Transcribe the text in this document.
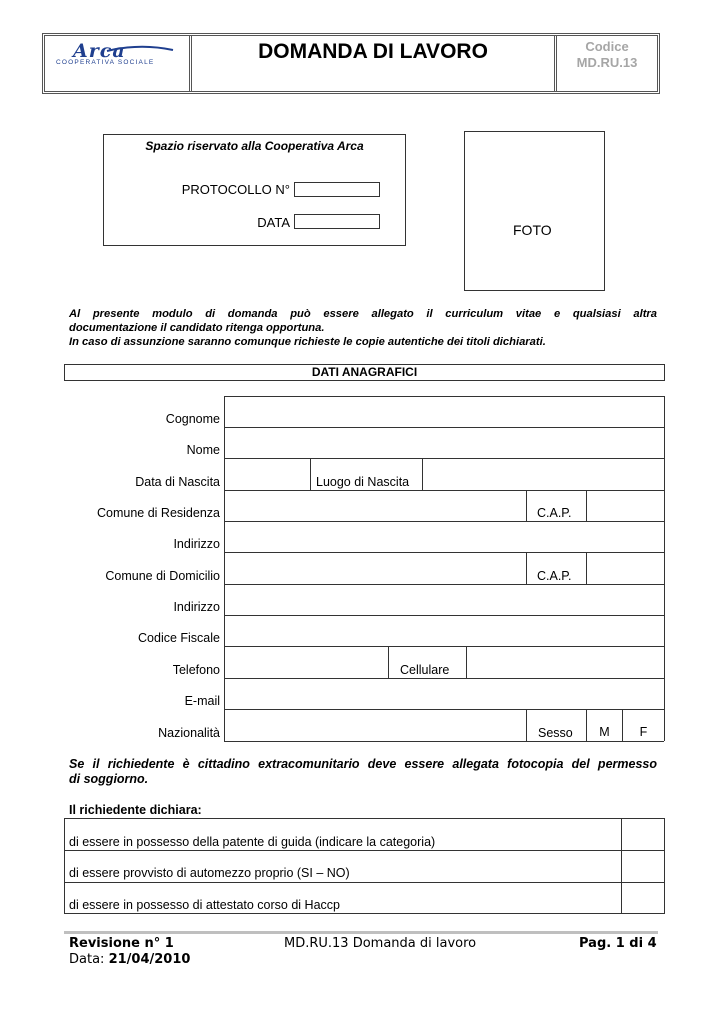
Arca
COOPERATIVA SOCIALE	DOMANDA DI LAVORO	Codice
MD.RU.13
Spazio riservato alla Cooperativa Arca
PROTOCOLLO N°
DATA	FOTO
Al presente modulo di domanda può essere allegato il curriculum vitae e qualsiasi altra
documentazione il candidato ritenga opportuna.
In caso di assunzione saranno comunque richieste le copie autentiche dei titoli dichiarati.
DATI ANAGRAFICI
Cognome
Nome
Data di Nascita	Luogo di Nascita
Comune di Residenza	C.A.P.
Indirizzo
Comune di Domicilio	C.A.P.
Indirizzo
Codice Fiscale
Telefono	Cellulare
E-mail
Nazionalità	Sesso	M	F
Se il richiedente è cittadino extracomunitario deve essere allegata fotocopia del permesso
di soggiorno.
Il richiedente dichiara:
di essere in possesso della patente di guida (indicare la categoria)
di essere provvisto di automezzo proprio (SI – NO)
di essere in possesso di attestato corso di Haccp
Revisione n° 1	MD.RU.13 Domanda di lavoro	Pag. 1 di 4
Data: 21/04/2010
